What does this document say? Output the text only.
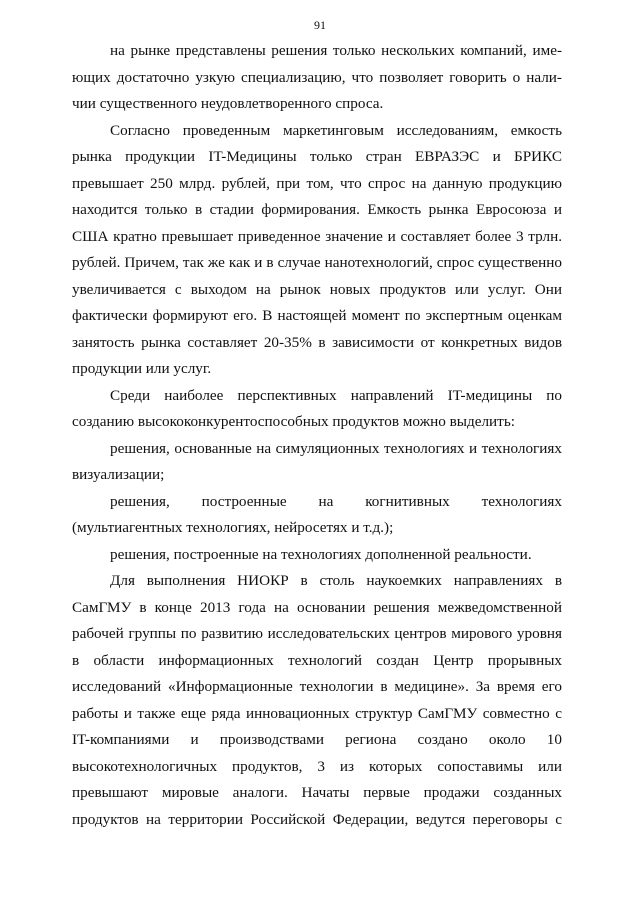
91

на рынке представлены решения только нескольких компаний, име-
ющих достаточно узкую специализацию, что позволяет говорить о нали-
чии существенного неудовлетворенного спроса.

Согласно проведенным маркетинговым исследованиям, емкость
рынка продукции IT-Медицины только стран ЕВРАЗЭС и БРИКС
превышает 250 млрд. рублей, при том, что спрос на данную продукцию
находится только в стадии формирования. Емкость рынка Евросоюза и
США кратно превышает приведенное значение и составляет более 3 трлн.
рублей. Причем, так же как и в случае нанотехнологий, спрос существенно
увеличивается с выходом на рынок новых продуктов или услуг. Они
фактически формируют его. В настоящей момент по экспертным оценкам
занятость рынка составляет 20-35% в зависимости от конкретных видов
продукции или услуг.

Среди наиболее перспективных направлений IT-медицины по
созданию высококонкурентоспособных продуктов можно выделить:

решения, основанные на симуляционных технологиях и технологиях
визуализации;

решения, построенные на когнитивных технологиях
(мультиагентных технологиях, нейросетях и т.д.);

решения, построенные на технологиях дополненной реальности.

Для выполнения НИОКР в столь наукоемких направлениях в
СамГМУ в конце 2013 года на основании решения межведомственной
рабочей группы по развитию исследовательских центров мирового уровня
в области информационных технологий создан Центр прорывных
исследований «Информационные технологии в медицине». За время его
работы и также еще ряда инновационных структур СамГМУ совместно с
IT-компаниями и производствами региона создано около 10
высокотехнологичных продуктов, 3 из которых сопоставимы или
превышают мировые аналоги. Начаты первые продажи созданных
продуктов на территории Российской Федерации, ведутся переговоры с
